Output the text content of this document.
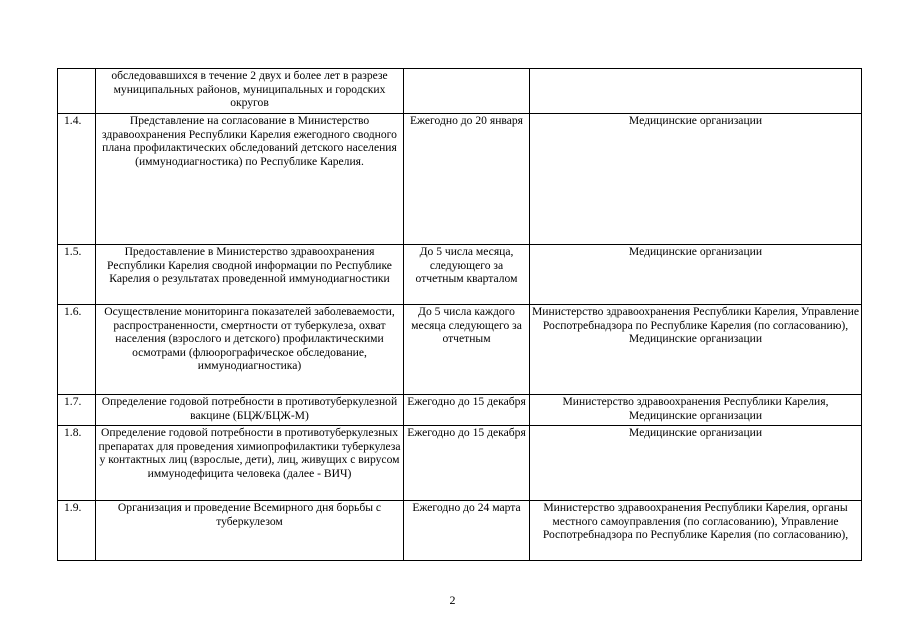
	обследовавшихся в течение 2 двух и более лет в разрезе муниципальных районов, муниципальных и городских округов		
1.4.	Представление на согласование в Министерство здравоохранения Республики Карелия ежегодного сводного плана профилактических обследований детского населения (иммунодиагностика) по Республике Карелия.	Ежегодно до 20 января	Медицинские организации
1.5.	Предоставление в Министерство здравоохранения Республики Карелия сводной информации по Республике Карелия о результатах проведенной иммунодиагностики	До 5 числа месяца, следующего за отчетным кварталом	Медицинские организации
1.6.	Осуществление мониторинга показателей заболеваемости, распространенности, смертности от туберкулеза, охват населения (взрослого и детского) профилактическими осмотрами (флюорографическое обследование, иммунодиагностика)	До 5 числа каждого месяца следующего за отчетным	Министерство здравоохранения Республики Карелия, Управление Роспотребнадзора по Республике Карелия (по согласованию), Медицинские организации
1.7.	Определение годовой потребности в противотуберкулезной вакцине (БЦЖ/БЦЖ-М)	Ежегодно до 15 декабря	Министерство здравоохранения Республики Карелия, Медицинские организации
1.8.	Определение годовой потребности в противотуберкулезных препаратах для проведения химиопрофилактики туберкулеза у контактных лиц (взрослые, дети), лиц, живущих с вирусом иммунодефицита человека (далее - ВИЧ)	Ежегодно до 15 декабря	Медицинские организации
1.9.	Организация и проведение Всемирного дня борьбы с туберкулезом	Ежегодно до 24 марта	Министерство здравоохранения Республики Карелия, органы местного самоуправления (по согласованию), Управление Роспотребнадзора по Республике Карелия (по согласованию),
2
